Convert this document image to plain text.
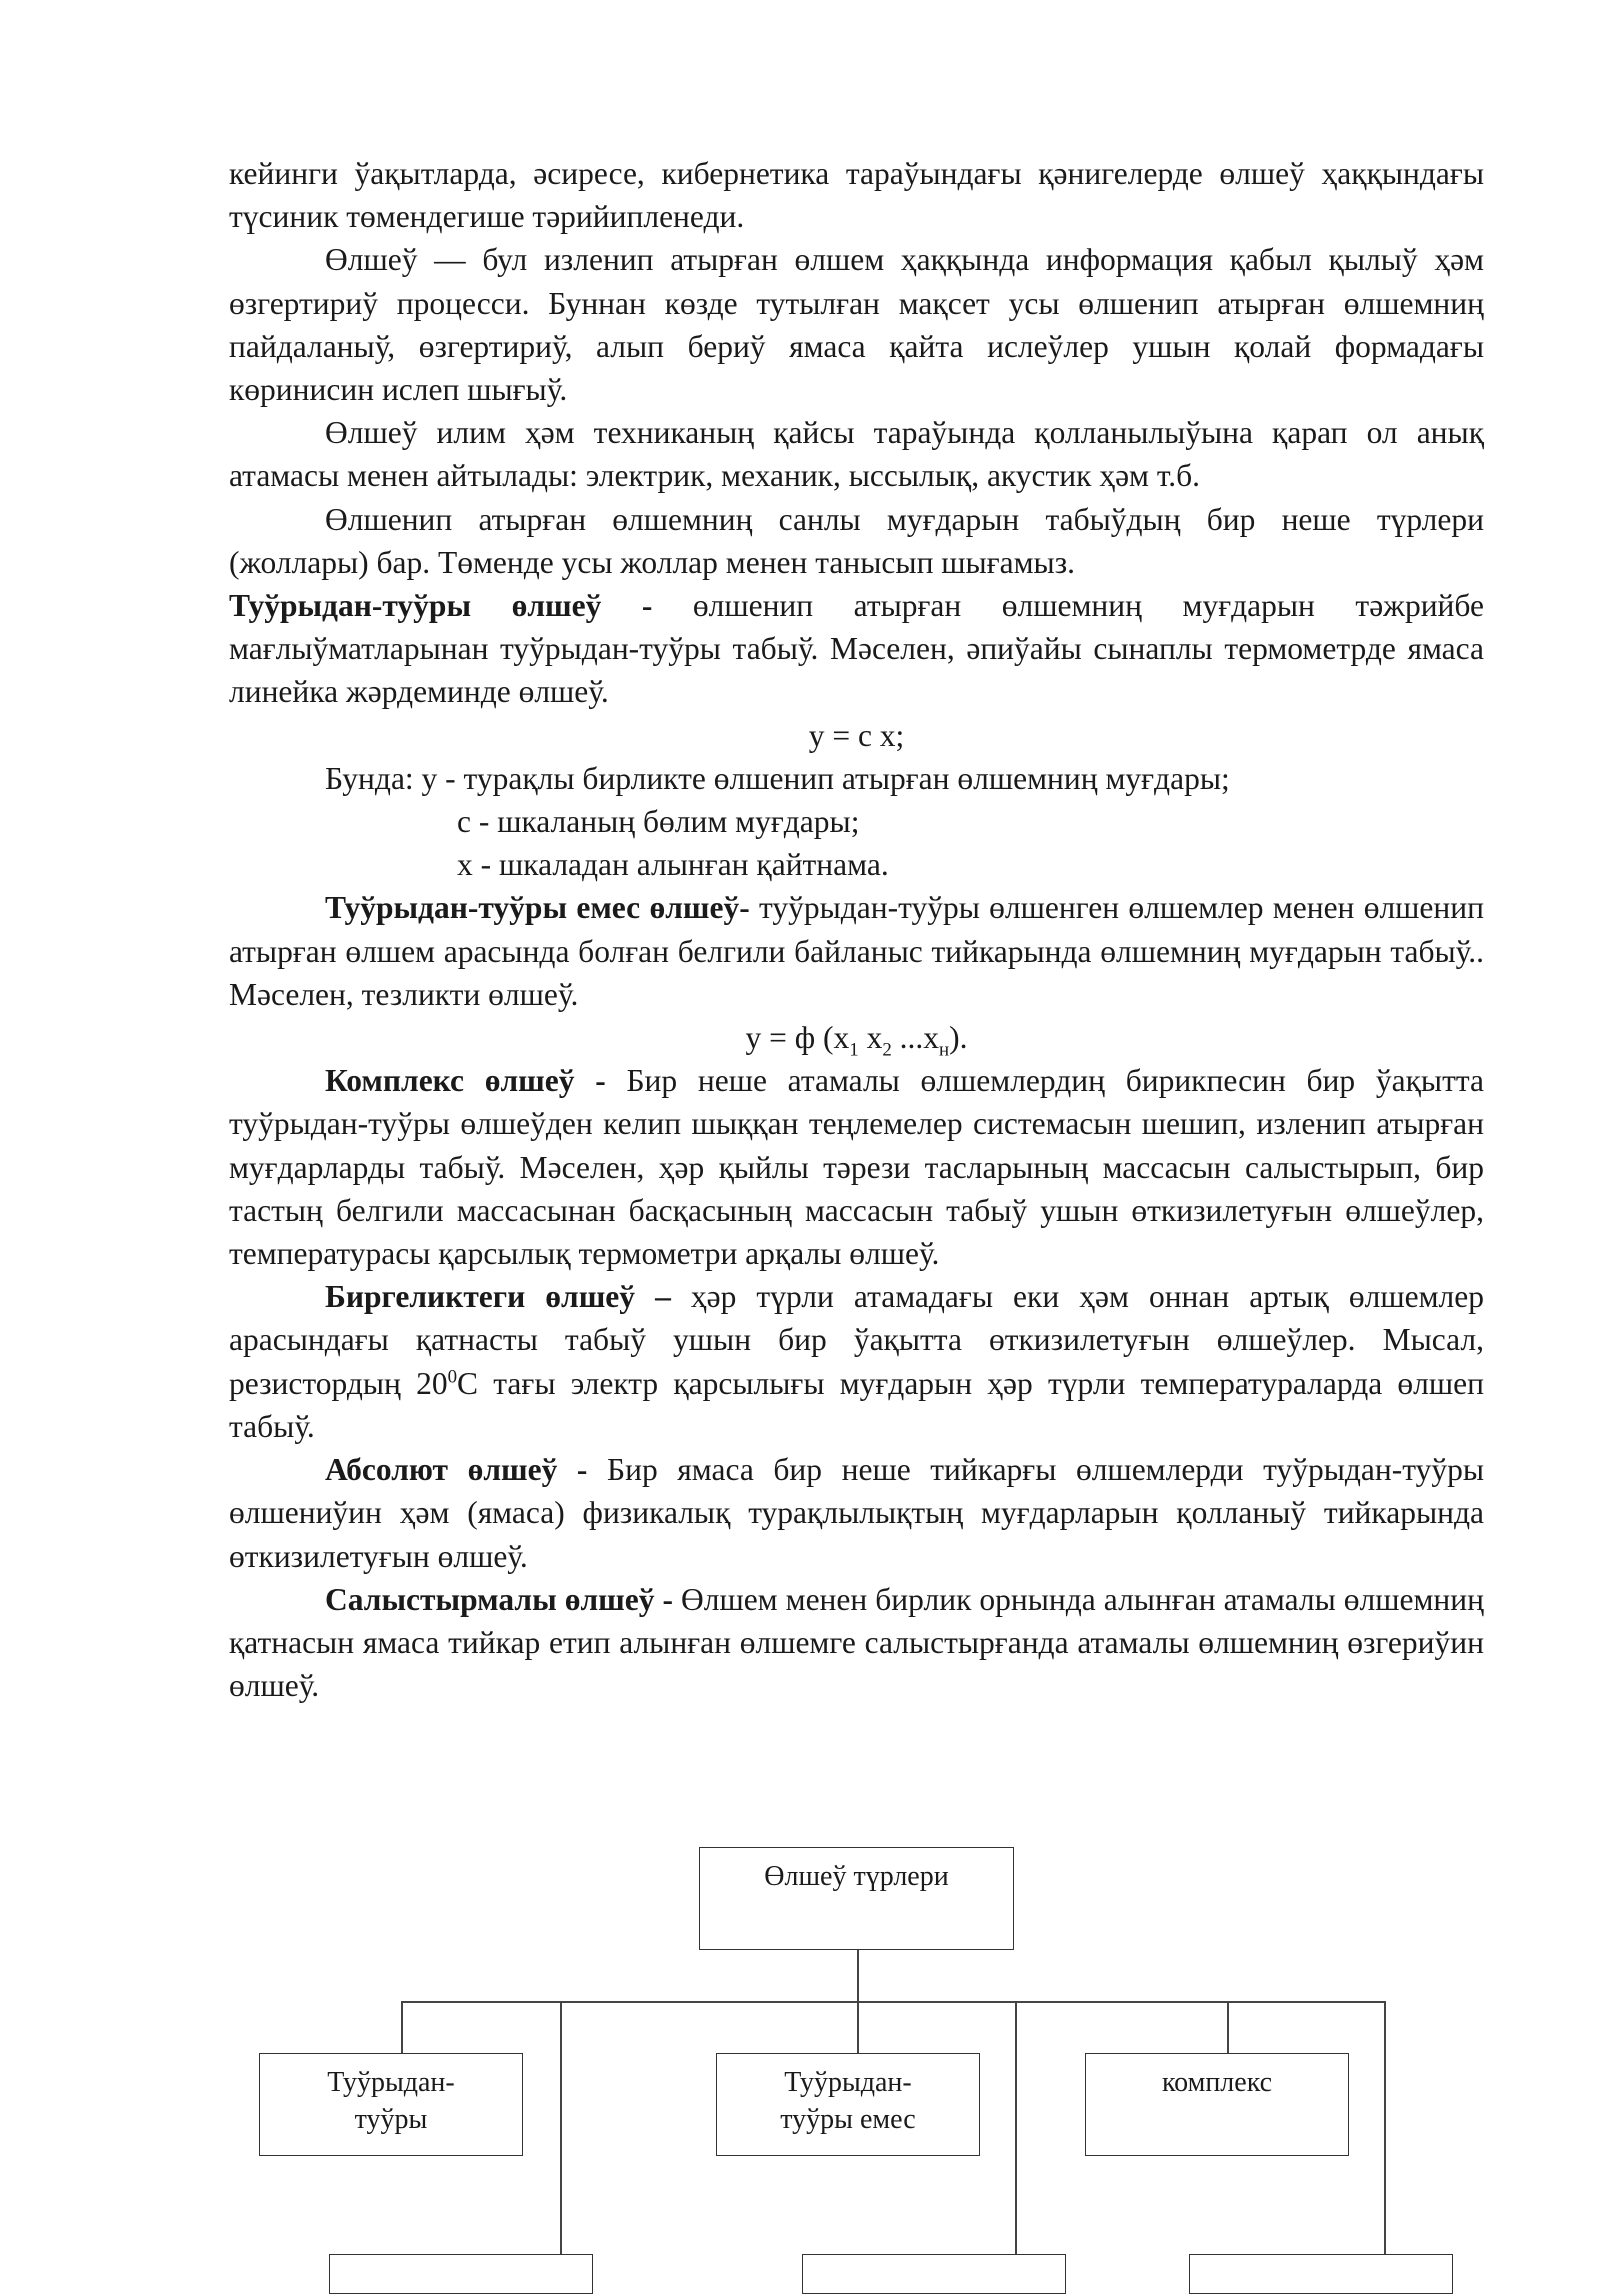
кейинги ўақытларда, әсиресе, кибернетика тараўындағы қәнигелерде өлшеў ҳаққындағы түсиник төмендегише тәрийипленеди.

Өлшеў — бул изленип атырған өлшем ҳаққында информация қабыл қылыў ҳәм өзгертириў процесси. Буннан көзде тутылған мақсет усы өлшенип атырған өлшемниң пайдаланыў, өзгертириў, алып бериў ямаса қайта ислеўлер ушын қолай формадағы көринисин ислеп шығыў.

Өлшеў илим ҳәм техниканың қайсы тараўында қолланылыўына қарап ол анық атамасы менен айтылады: электрик, механик, ыссылық, акустик ҳәм т.б.

Өлшенип атырған өлшемниң санлы муғдарын табыўдың бир неше түрлери (жоллары) бар. Төменде усы жоллар менен танысып шығамыз.

Туўрыдан-туўры өлшеў - өлшенип атырған өлшемниң муғдарын тәжрийбе мағлыўматларынан туўрыдан-туўры табыў. Мәселен, әпиўайы сынаплы термометрде ямаса линейка жәрдеминде өлшеў.

y = c x;

Бунда: y - турақлы бирликте өлшенип атырған өлшемниң муғдары;

с - шкаланың бөлим муғдары;

x - шкаладан алынған қайтнама.

Туўрыдан-туўры емес өлшеў- туўрыдан-туўры өлшенген өлшемлер менен өлшенип атырған өлшем арасында болған белгили байланыс тийкарында өлшемниң муғдарын табыў.. Мәселен, тезликти өлшеў.

y = ф ($x_1$ $x_2$ $...x_н$).

Комплекс өлшеў - Бир неше атамалы өлшемлердиң бирикпесин бир ўақытта туўрыдан-туўры өлшеўден келип шыққан теңлемелер системасын шешип, изленип атырған муғдарларды табыў. Мәселен, ҳәр қыйлы тәрези тасларының массасын салыстырып, бир тастың белгили массасынан басқасының массасын табыў ушын өткизилетуғын өлшеўлер, температурасы қарсылық термометри арқалы өлшеў.

Биргеликтеги өлшеў – ҳәр түрли атамадағы еки ҳәм оннан артық өлшемлер арасындағы қатнасты табыў ушын бир ўақытта өткизилетуғын өлшеўлер. Мысал, резистордың $20^0С$ тағы электр қарсылығы муғдарын ҳәр түрли температураларда өлшеп табыў.

Абсолют өлшеў - Бир ямаса бир неше тийкарғы өлшемлерди туўрыдан-туўры өлшениўин ҳәм (ямаса) физикалық турақлылықтың муғдарларын қолланыў тийкарында өткизилетуғын өлшеў.

Салыстырмалы өлшеў - Өлшем менен бирлик орнында алынған атамалы өлшемниң қатнасын ямаса тийкар етип алынған өлшемге салыстырғанда атамалы өлшемниң өзгериўин өлшеў.

Өлшеў түрлери
Туўрыдан-
туўры
Туўрыдан-
туўры емес
комплекс
